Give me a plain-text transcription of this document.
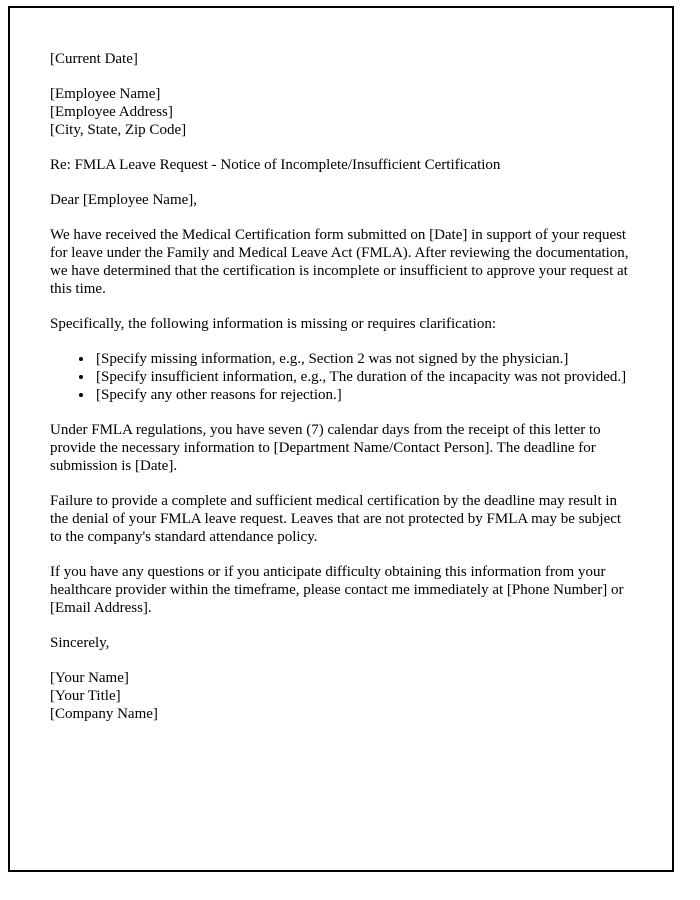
[Current Date]

[Employee Name]
[Employee Address]
[City, State, Zip Code]

Re: FMLA Leave Request - Notice of Incomplete/Insufficient Certification

Dear [Employee Name],

We have received the Medical Certification form submitted on [Date] in support of your request for leave under the Family and Medical Leave Act (FMLA). After reviewing the documentation, we have determined that the certification is incomplete or insufficient to approve your request at this time.

Specifically, the following information is missing or requires clarification:

• [Specify missing information, e.g., Section 2 was not signed by the physician.]
• [Specify insufficient information, e.g., The duration of the incapacity was not provided.]
• [Specify any other reasons for rejection.]

Under FMLA regulations, you have seven (7) calendar days from the receipt of this letter to provide the necessary information to [Department Name/Contact Person]. The deadline for submission is [Date].

Failure to provide a complete and sufficient medical certification by the deadline may result in the denial of your FMLA leave request. Leaves that are not protected by FMLA may be subject to the company's standard attendance policy.

If you have any questions or if you anticipate difficulty obtaining this information from your healthcare provider within the timeframe, please contact me immediately at [Phone Number] or [Email Address].

Sincerely,

[Your Name]
[Your Title]
[Company Name]
